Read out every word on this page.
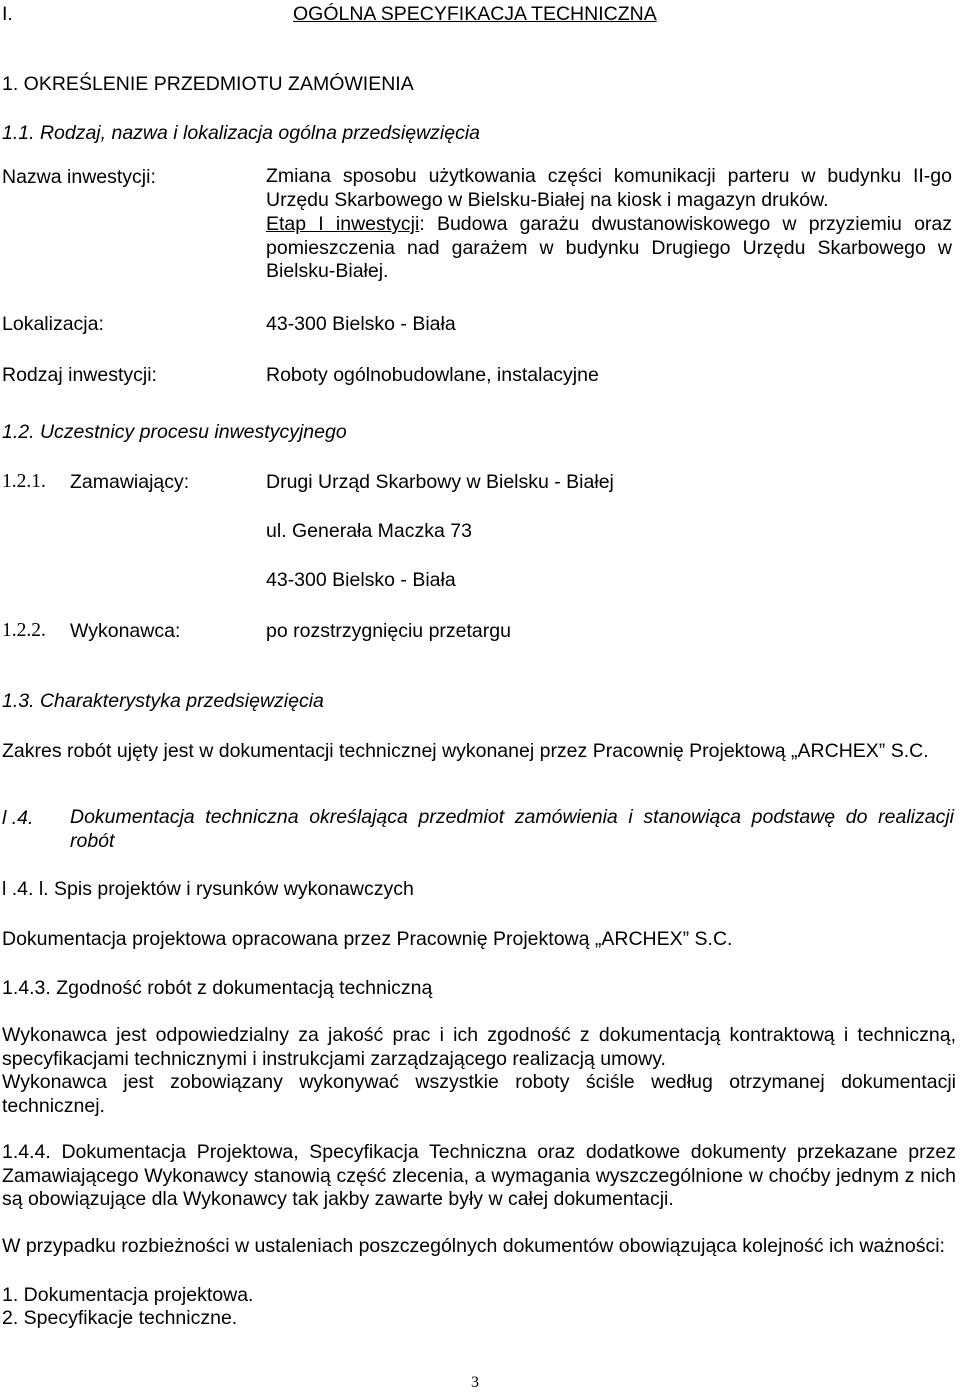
I.	OGÓLNA SPECYFIKACJA TECHNICZNA
1. OKREŚLENIE PRZEDMIOTU ZAMÓWIENIA
1.1. Rodzaj, nazwa i lokalizacja ogólna przedsięwzięcia
Nazwa inwestycji:	Zmiana sposobu użytkowania części komunikacji parteru w budynku II-go Urzędu Skarbowego w Bielsku-Białej na kiosk i magazyn druków.
Etap I inwestycji: Budowa garażu dwustanowiskowego w przyziemiu oraz pomieszczenia nad garażem w budynku Drugiego Urzędu Skarbowego w Bielsku-Białej.
Lokalizacja:	43-300 Bielsko - Biała
Rodzaj inwestycji:	Roboty ogólnobudowlane, instalacyjne
1.2. Uczestnicy procesu inwestycyjnego
1.2.1. Zamawiający:	Drugi Urząd Skarbowy w Bielsku - Białej
ul. Generała Maczka 73
43-300 Bielsko - Biała
1.2.2. Wykonawca:	po rozstrzygnięciu przetargu
1.3. Charakterystyka przedsięwzięcia
Zakres robót ujęty jest w dokumentacji technicznej wykonanej przez Pracownię Projektową „ARCHEX” S.C.
l .4. Dokumentacja techniczna określająca przedmiot zamówienia i stanowiąca podstawę do realizacji robót
l .4. l. Spis projektów i rysunków wykonawczych
Dokumentacja projektowa opracowana przez Pracownię Projektową „ARCHEX” S.C.
1.4.3. Zgodność robót z dokumentacją techniczną
Wykonawca jest odpowiedzialny za jakość prac i ich zgodność z dokumentacją kontraktową i techniczną, specyfikacjami technicznymi i instrukcjami zarządzającego realizacją umowy.
Wykonawca jest zobowiązany wykonywać wszystkie roboty ściśle według otrzymanej dokumentacji technicznej.
1.4.4. Dokumentacja Projektowa, Specyfikacja Techniczna oraz dodatkowe dokumenty przekazane przez Zamawiającego Wykonawcy stanowią część zlecenia, a wymagania wyszczególnione w choćby jednym z nich są obowiązujące dla Wykonawcy tak jakby zawarte były w całej dokumentacji.
W przypadku rozbieżności w ustaleniach poszczególnych dokumentów obowiązująca kolejność ich ważności:
1. Dokumentacja projektowa.
2. Specyfikacje techniczne.
3
